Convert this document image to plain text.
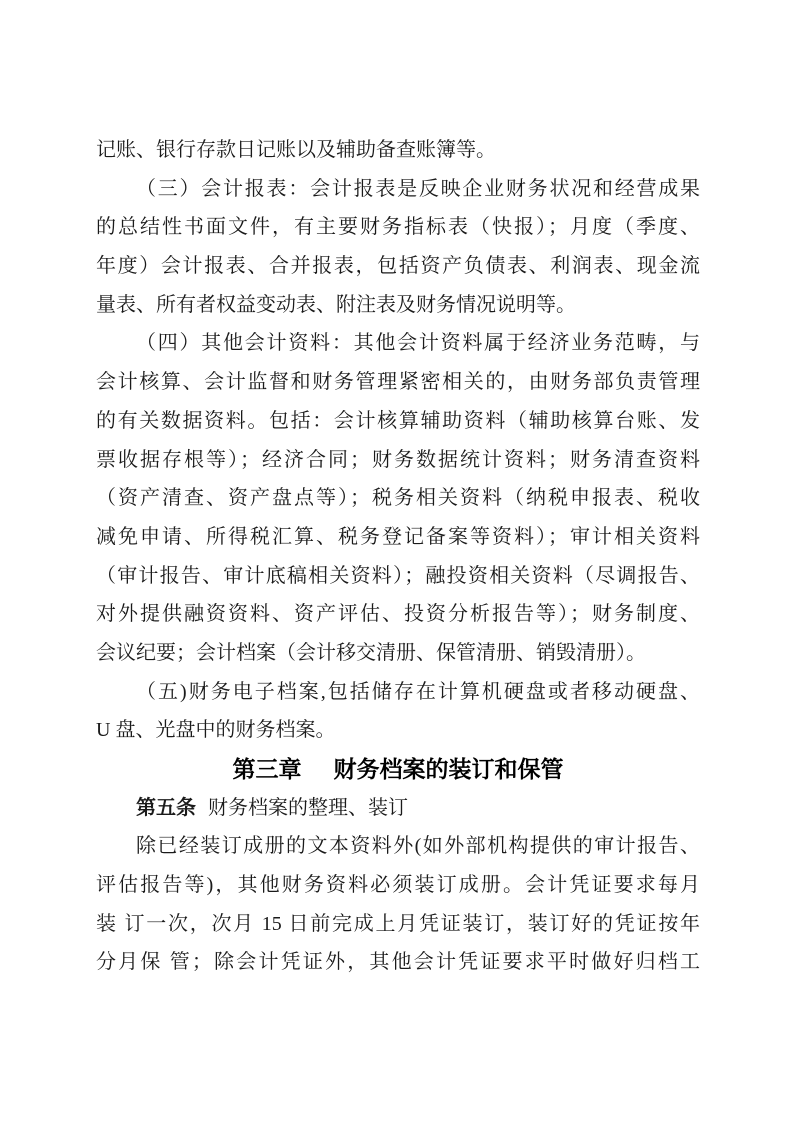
记账、银行存款日记账以及辅助备查账簿等。
（三）会计报表：会计报表是反映企业财务状况和经营成果
的总结性书面文件，有主要财务指标表（快报）；月度（季度、
年度）会计报表、合并报表，包括资产负债表、利润表、现金流
量表、所有者权益变动表、附注表及财务情况说明等。
（四）其他会计资料：其他会计资料属于经济业务范畴，与
会计核算、会计监督和财务管理紧密相关的，由财务部负责管理
的有关数据资料。包括：会计核算辅助资料（辅助核算台账、发
票收据存根等）；经济合同；财务数据统计资料；财务清查资料
（资产清查、资产盘点等）；税务相关资料（纳税申报表、税收
减免申请、所得税汇算、税务登记备案等资料）；审计相关资料
（审计报告、审计底稿相关资料）；融投资相关资料（尽调报告、
对外提供融资资料、资产评估、投资分析报告等）；财务制度、
会议纪要；会计档案（会计移交清册、保管清册、销毁清册）。
（五)财务电子档案,包括储存在计算机硬盘或者移动硬盘、
U 盘、光盘中的财务档案。
第三章 财务档案的装订和保管
第五条 财务档案的整理、装订
除已经装订成册的文本资料外(如外部机构提供的审计报告、
评估报告等)，其他财务资料必须装订成册。会计凭证要求每月
装 订一次，次月 15 日前完成上月凭证装订，装订好的凭证按年
分月保 管；除会计凭证外，其他会计凭证要求平时做好归档工
